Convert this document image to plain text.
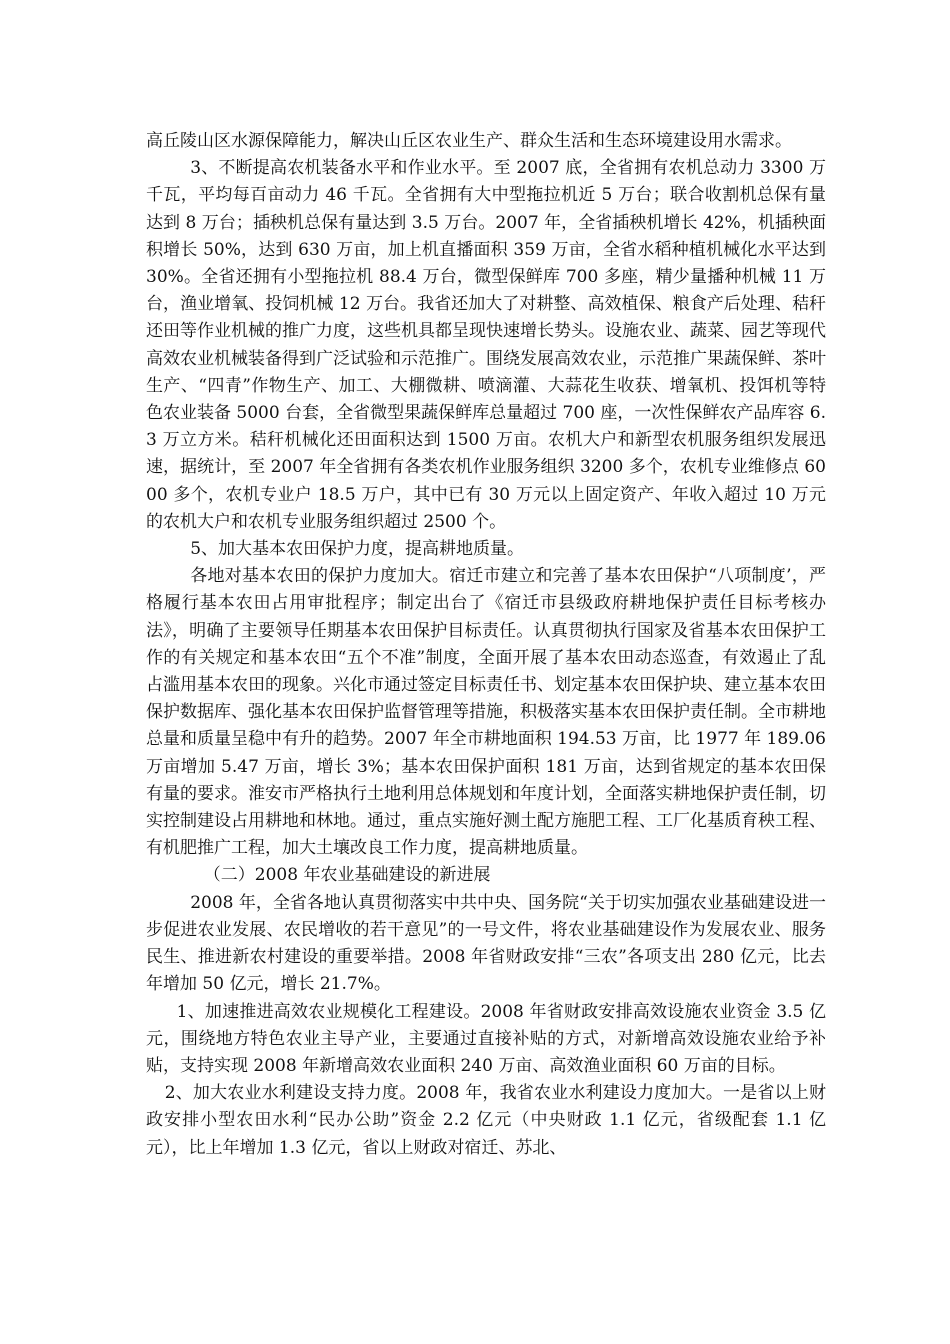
高丘陵山区水源保障能力，解决山丘区农业生产、群众生活和生态环境建设用水需求。

3、不断提高农机装备水平和作业水平。至 2007 底，全省拥有农机总动力 3300 万千瓦，平均每百亩动力 46 千瓦。全省拥有大中型拖拉机近 5 万台；联合收割机总保有量达到 8 万台；插秧机总保有量达到 3.5 万台。2007 年，全省插秧机增长 42%，机插秧面积增长 50%，达到 630 万亩，加上机直播面积 359 万亩，全省水稻种植机械化水平达到 30%。全省还拥有小型拖拉机 88.4 万台，微型保鲜库 700 多座，精少量播种机械 11 万台，渔业增氧、投饲机械 12 万台。我省还加大了对耕整、高效植保、粮食产后处理、秸秆还田等作业机械的推广力度，这些机具都呈现快速增长势头。设施农业、蔬菜、园艺等现代高效农业机械装备得到广泛试验和示范推广。围绕发展高效农业，示范推广果蔬保鲜、茶叶生产、“四青”作物生产、加工、大棚微耕、喷滴灌、大蒜花生收获、增氧机、投饵机等特色农业装备 5000 台套，全省微型果蔬保鲜库总量超过 700 座，一次性保鲜农产品库容 6.3 万立方米。秸秆机械化还田面积达到 1500 万亩。农机大户和新型农机服务组织发展迅速，据统计，至 2007 年全省拥有各类农机作业服务组织 3200 多个，农机专业维修点 6000 多个，农机专业户 18.5 万户，其中已有 30 万元以上固定资产、年收入超过 10 万元的农机大户和农机专业服务组织超过 2500 个。

5、加大基本农田保护力度，提高耕地质量。

各地对基本农田的保护力度加大。宿迁市建立和完善了基本农田保护“八项制度’，严格履行基本农田占用审批程序；制定出台了《宿迁市县级政府耕地保护责任目标考核办法》，明确了主要领导任期基本农田保护目标责任。认真贯彻执行国家及省基本农田保护工作的有关规定和基本农田“五个不准”制度，全面开展了基本农田动态巡查，有效遏止了乱占滥用基本农田的现象。兴化市通过签定目标责任书、划定基本农田保护块、建立基本农田保护数据库、强化基本农田保护监督管理等措施，积极落实基本农田保护责任制。全市耕地总量和质量呈稳中有升的趋势。2007 年全市耕地面积 194.53 万亩，比 1977 年 189.06 万亩增加 5.47 万亩，增长 3%；基本农田保护面积 181 万亩，达到省规定的基本农田保有量的要求。淮安市严格执行土地利用总体规划和年度计划，全面落实耕地保护责任制，切实控制建设占用耕地和林地。通过，重点实施好测土配方施肥工程、工厂化基质育秧工程、有机肥推广工程，加大土壤改良工作力度，提高耕地质量。

（二）2008 年农业基础建设的新进展

2008 年，全省各地认真贯彻落实中共中央、国务院“关于切实加强农业基础建设进一步促进农业发展、农民增收的若干意见”的一号文件，将农业基础建设作为发展农业、服务民生、推进新农村建设的重要举措。2008 年省财政安排“三农”各项支出 280 亿元，比去年增加 50 亿元，增长 21.7%。

1、加速推进高效农业规模化工程建设。2008 年省财政安排高效设施农业资金 3.5 亿元，围绕地方特色农业主导产业，主要通过直接补贴的方式，对新增高效设施农业给予补贴，支持实现 2008 年新增高效农业面积 240 万亩、高效渔业面积 60 万亩的目标。

2、加大农业水利建设支持力度。2008 年，我省农业水利建设力度加大。一是省以上财政安排小型农田水利“民办公助”资金 2.2 亿元（中央财政 1.1 亿元，省级配套 1.1 亿元），比上年增加 1.3 亿元，省以上财政对宿迁、苏北、
